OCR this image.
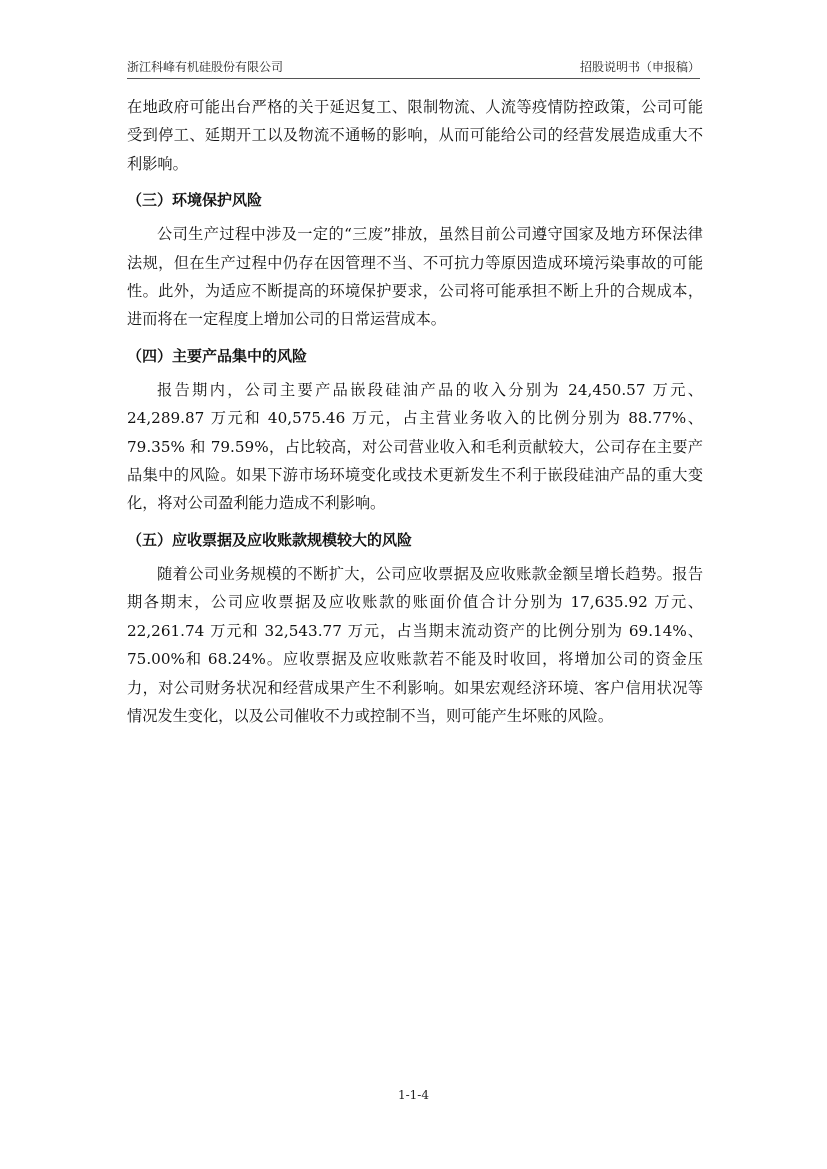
浙江科峰有机硅股份有限公司	招股说明书（申报稿）

在地政府可能出台严格的关于延迟复工、限制物流、人流等疫情防控政策，公司可能受到停工、延期开工以及物流不通畅的影响，从而可能给公司的经营发展造成重大不利影响。

（三）环境保护风险

公司生产过程中涉及一定的“三废”排放，虽然目前公司遵守国家及地方环保法律法规，但在生产过程中仍存在因管理不当、不可抗力等原因造成环境污染事故的可能性。此外，为适应不断提高的环境保护要求，公司将可能承担不断上升的合规成本，进而将在一定程度上增加公司的日常运营成本。

（四）主要产品集中的风险

报告期内，公司主要产品嵌段硅油产品的收入分别为 24,450.57 万元、24,289.87 万元和 40,575.46 万元，占主营业务收入的比例分别为 88.77%、79.35% 和 79.59%，占比较高，对公司营业收入和毛利贡献较大，公司存在主要产品集中的风险。如果下游市场环境变化或技术更新发生不利于嵌段硅油产品的重大变化，将对公司盈利能力造成不利影响。

（五）应收票据及应收账款规模较大的风险

随着公司业务规模的不断扩大，公司应收票据及应收账款金额呈增长趋势。报告期各期末，公司应收票据及应收账款的账面价值合计分别为 17,635.92 万元、22,261.74 万元和 32,543.77 万元，占当期末流动资产的比例分别为 69.14%、75.00%和 68.24%。应收票据及应收账款若不能及时收回，将增加公司的资金压力，对公司财务状况和经营成果产生不利影响。如果宏观经济环境、客户信用状况等情况发生变化，以及公司催收不力或控制不当，则可能产生坏账的风险。

1-1-4
